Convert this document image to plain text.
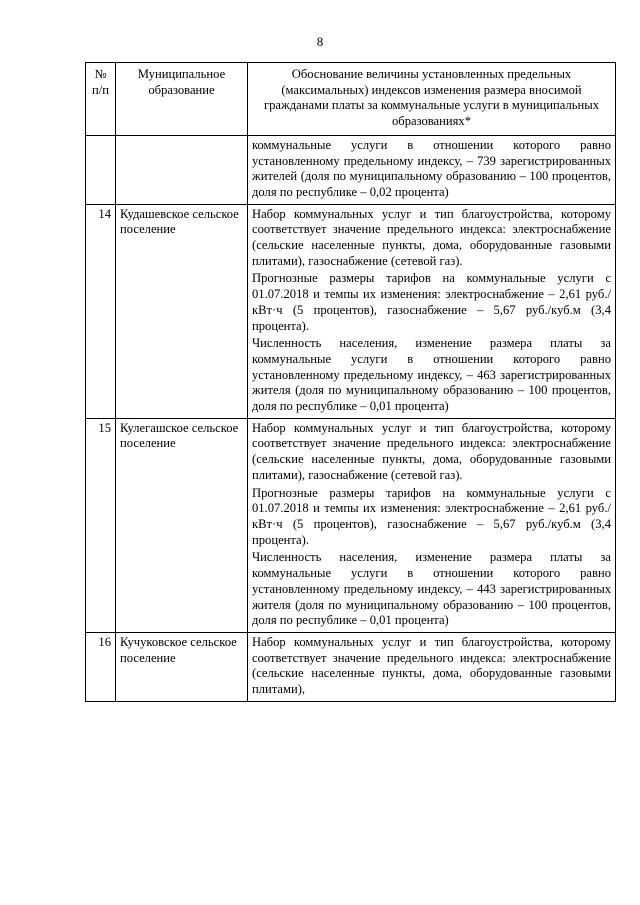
8
№ п/п	Муниципальное образование	Обоснование величины установленных предельных (максимальных) индексов изменения размера вносимой гражданами платы за коммунальные услуги в муниципальных образованиях*

		коммунальные услуги в отношении которого равно установленному предельному индексу, – 739 зарегистрированных жителей (доля по муниципальному образованию – 100 процентов, доля по республике – 0,02 процента)

14	Кудашевское сельское поселение	Набор коммунальных услуг и тип благоустройства, которому соответствует значение предельного индекса: электроснабжение (сельские населенные пункты, дома, оборудованные газовыми плитами), газоснабжение (сетевой газ).

Прогнозные размеры тарифов на коммунальные услуги с 01.07.2018 и темпы их изменения: электроснабжение – 2,61 руб./кВт·ч (5 процентов), газоснабжение – 5,67 руб./куб.м (3,4 процента).

Численность населения, изменение размера платы за коммунальные услуги в отношении которого равно установленному предельному индексу, – 463 зарегистрированных жителя (доля по муниципальному образованию – 100 процентов, доля по республике – 0,01 процента)

15	Кулегашское сельское поселение	Набор коммунальных услуг и тип благоустройства, которому соответствует значение предельного индекса: электроснабжение (сельские населенные пункты, дома, оборудованные газовыми плитами), газоснабжение (сетевой газ).

Прогнозные размеры тарифов на коммунальные услуги с 01.07.2018 и темпы их изменения: электроснабжение – 2,61 руб./кВт·ч (5 процентов), газоснабжение – 5,67 руб./куб.м (3,4 процента).

Численность населения, изменение размера платы за коммунальные услуги в отношении которого равно установленному предельному индексу, – 443 зарегистрированных жителя (доля по муниципальному образованию – 100 процентов, доля по республике – 0,01 процента)

16	Кучуковское сельское поселение	Набор коммунальных услуг и тип благоустройства, которому соответствует значение предельного индекса: электроснабжение (сельские населенные пункты, дома, оборудованные газовыми плитами),
